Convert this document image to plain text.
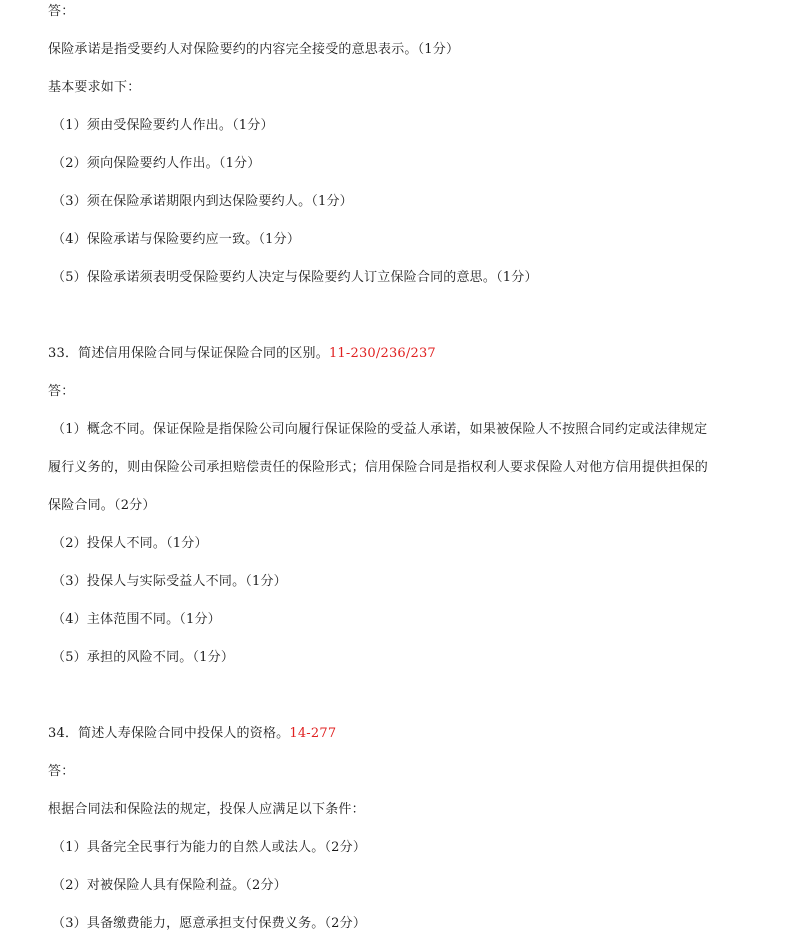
答：
保险承诺是指受要约人对保险要约的内容完全接受的意思表示。（1分）
基本要求如下：
（1）须由受保险要约人作出。（1分）
（2）须向保险要约人作出。（1分）
（3）须在保险承诺期限内到达保险要约人。（1分）
（4）保险承诺与保险要约应一致。（1分）
（5）保险承诺须表明受保险要约人决定与保险要约人订立保险合同的意思。（1分）
33．简述信用保险合同与保证保险合同的区别。11-230/236/237
答：
（1）概念不同。保证保险是指保险公司向履行保证保险的受益人承诺，如果被保险人不按照合同约定或法律规定
履行义务的，则由保险公司承担赔偿责任的保险形式；信用保险合同是指权利人要求保险人对他方信用提供担保的
保险合同。（2分）
（2）投保人不同。（1分）
（3）投保人与实际受益人不同。（1分）
（4）主体范围不同。（1分）
（5）承担的风险不同。（1分）
34．简述人寿保险合同中投保人的资格。14-277
答：
根据合同法和保险法的规定，投保人应满足以下条件：
（1）具备完全民事行为能力的自然人或法人。（2分）
（2）对被保险人具有保险利益。（2分）
（3）具备缴费能力，愿意承担支付保费义务。（2分）
